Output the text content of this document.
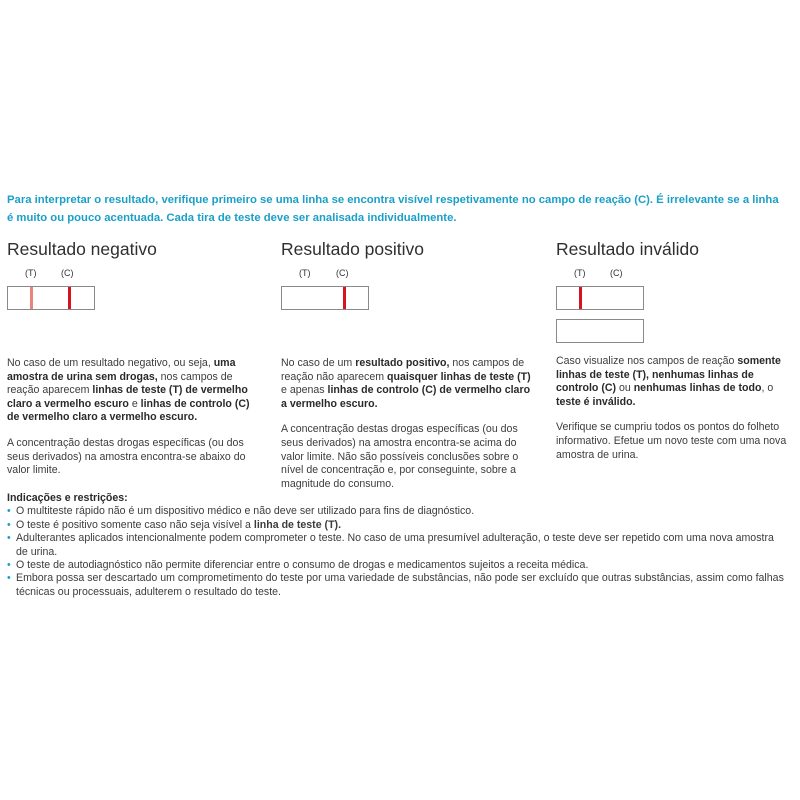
Para interpretar o resultado, verifique primeiro se uma linha se encontra visível respetivamente no campo de reação (C). É irrelevante se a linha é muito ou pouco acentuada. Cada tira de teste deve ser analisada individualmente.
Resultado negativo
(T)	(C)
No caso de um resultado negativo, ou seja, uma amostra de urina sem drogas, nos campos de reação aparecem linhas de teste (T) de vermelho claro a vermelho escuro e linhas de controlo (C) de vermelho claro a vermelho escuro.
A concentração destas drogas específicas (ou dos seus derivados) na amostra encontra-se abaixo do valor limite.
Resultado positivo
(T)	(C)
No caso de um resultado positivo, nos campos de reação não aparecem quaisquer linhas de teste (T) e apenas linhas de controlo (C) de vermelho claro a vermelho escuro.
A concentração destas drogas específicas (ou dos seus derivados) na amostra encontra-se acima do valor limite. Não são possíveis conclusões sobre o nível de concentração e, por conseguinte, sobre a magnitude do consumo.
Resultado inválido
(T)	(C)
Caso visualize nos campos de reação somente linhas de teste (T), nenhumas linhas de controlo (C) ou nenhumas linhas de todo, o teste é inválido.
Verifique se cumpriu todos os pontos do folheto informativo. Efetue um novo teste com uma nova amostra de urina.
Indicações e restrições:
• O multiteste rápido não é um dispositivo médico e não deve ser utilizado para fins de diagnóstico.
• O teste é positivo somente caso não seja visível a linha de teste (T).
• Adulterantes aplicados intencionalmente podem comprometer o teste. No caso de uma presumível adulteração, o teste deve ser repetido com uma nova amostra de urina.
• O teste de autodiagnóstico não permite diferenciar entre o consumo de drogas e medicamentos sujeitos a receita médica.
• Embora possa ser descartado um comprometimento do teste por uma variedade de substâncias, não pode ser excluído que outras substâncias, assim como falhas técnicas ou processuais, adulterem o resultado do teste.
